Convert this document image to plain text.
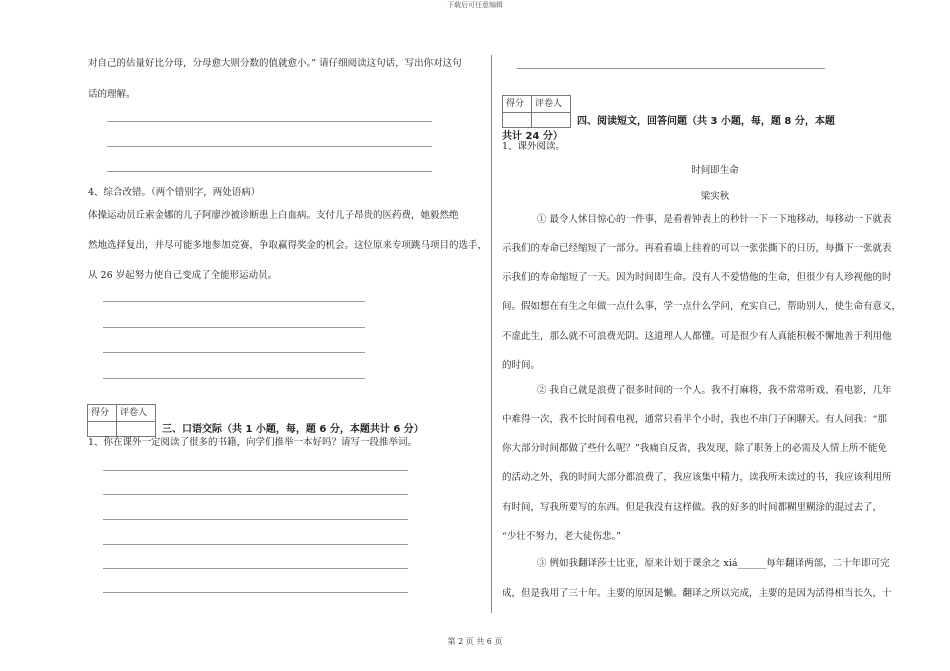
下载后可任意编辑
第 2 页 共 6 页
对自己的估量好比分母，分母愈大则分数的值就愈小。” 请仔细阅读这句话，写出你对这句
话的理解。
4、综合改错。（两个错别字，两处语病）
体操运动员丘索金娜的儿子阿廖沙被诊断患上白血病。支付儿子昂贵的医药费，她毅然绝
然地选择复出，并尽可能多地参加竞赛，争取赢得奖金的机会。这位原来专项跳马项目的选手，
从 26 岁起努力使自己变成了全能形运动员。
得分	评卷人
三、口语交际（共 1 小题，每，题 6 分，本题共计 6 分）
1、你在课外一定阅读了很多的书籍，向学们推举一本好吗？请写一段推举词。
得分	评卷人
四、阅读短文，回答问题（共 3 小题，每，题 8 分，本题
共计 24 分）
1、课外阅读。
时间即生命
梁实秋
① 最令人怵目惊心的一件事，是看着钟表上的秒针一下一下地移动，每移动一下就表
示我们的寿命已经缩短了一部分。再看看墙上挂着的可以一张张撕下的日历，每撕下一张就表
示我们的寿命缩短了一天。因为时间即生命。没有人不爱惜他的生命，但很少有人珍视他的时
间。假如想在有生之年做一点什么事，学一点什么学问，充实自己，帮助别人，使生命有意义，
不虚此生，那么就不可浪费光阴。这道理人人都懂。可是很少有人真能积极不懈地善于利用他
的时间。
② 我自己就是浪费了很多时间的一个人。我不打麻将，我不常常听戏、看电影，几年
中难得一次，我不长时间看电视，通常只看半个小时，我也不串门子闲聊天。有人问我：“那
你大部分时间都做了些什么呢？”我痛自反省，我发现，除了职务上的必需及人情上所不能免
的活动之外，我的时间大部分都浪费了，我应该集中精力，读我所未读过的书，我应该利用所
有时间，写我所要写的东西。但是我没有这样做。我的好多的时间都糊里糊涂的混过去了，
“少壮不努力，老大徒伤悲。”
③ 例如我翻译莎士比亚，原来计划于课余之 xiá______每年翻译两部，二十年即可完
成，但是我用了三十年。主要的原因是懒。翻译之所以完成，主要的是因为活得相当长久，十
